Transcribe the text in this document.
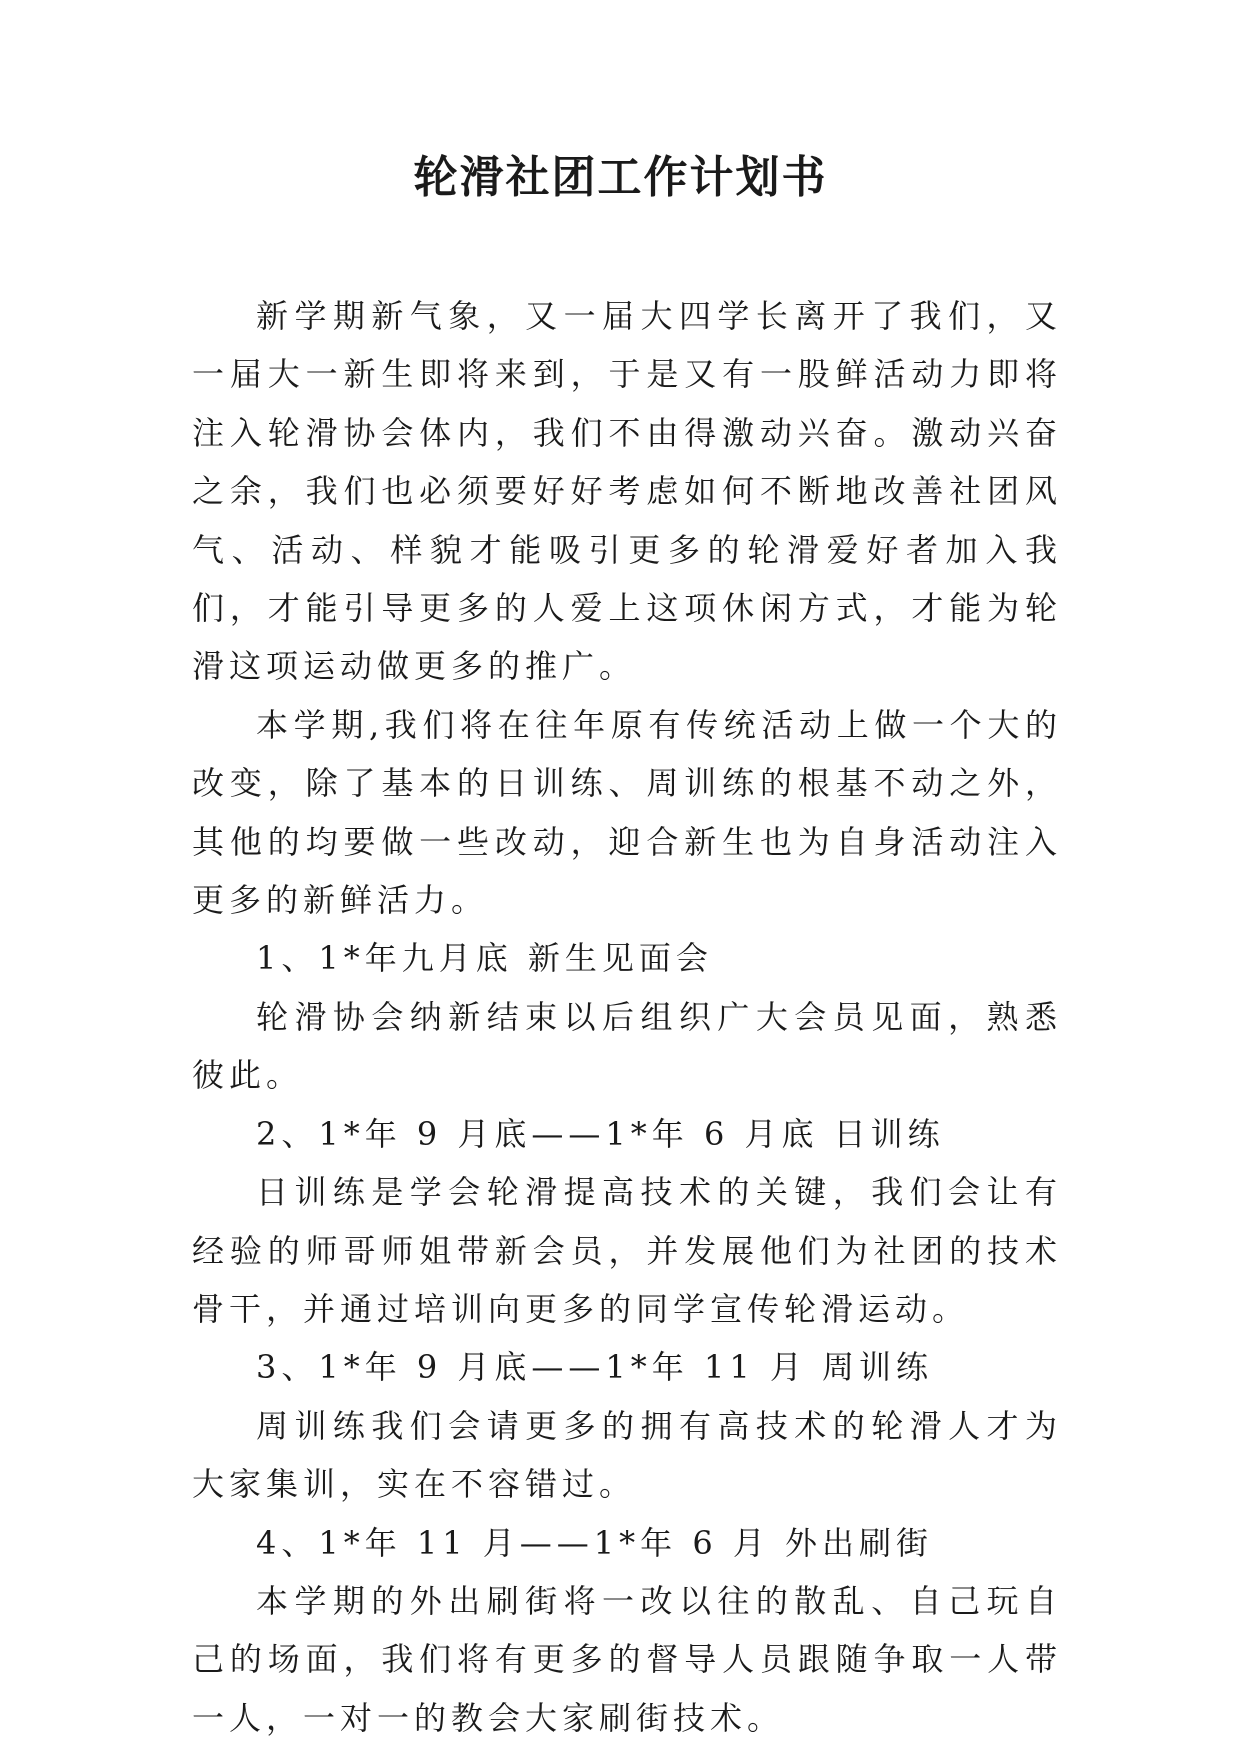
轮滑社团工作计划书

新学期新气象，又一届大四学长离开了我们，又一届大一新生即将来到，于是又有一股鲜活动力即将注入轮滑协会体内，我们不由得激动兴奋。激动兴奋之余，我们也必须要好好考虑如何不断地改善社团风气、活动、样貌才能吸引更多的轮滑爱好者加入我们，才能引导更多的人爱上这项休闲方式，才能为轮滑这项运动做更多的推广。

本学期,我们将在往年原有传统活动上做一个大的改变，除了基本的日训练、周训练的根基不动之外，其他的均要做一些改动，迎合新生也为自身活动注入更多的新鲜活力。

1、1*年九月底 新生见面会

轮滑协会纳新结束以后组织广大会员见面，熟悉彼此。

2、1*年 9 月底——1*年 6 月底 日训练

日训练是学会轮滑提高技术的关键，我们会让有经验的师哥师姐带新会员，并发展他们为社团的技术骨干，并通过培训向更多的同学宣传轮滑运动。

3、1*年 9 月底——1*年 11 月 周训练

周训练我们会请更多的拥有高技术的轮滑人才为大家集训，实在不容错过。

4、1*年 11 月——1*年 6 月 外出刷街

本学期的外出刷街将一改以往的散乱、自己玩自己的场面，我们将有更多的督导人员跟随争取一人带一人，一对一的教会大家刷街技术。
